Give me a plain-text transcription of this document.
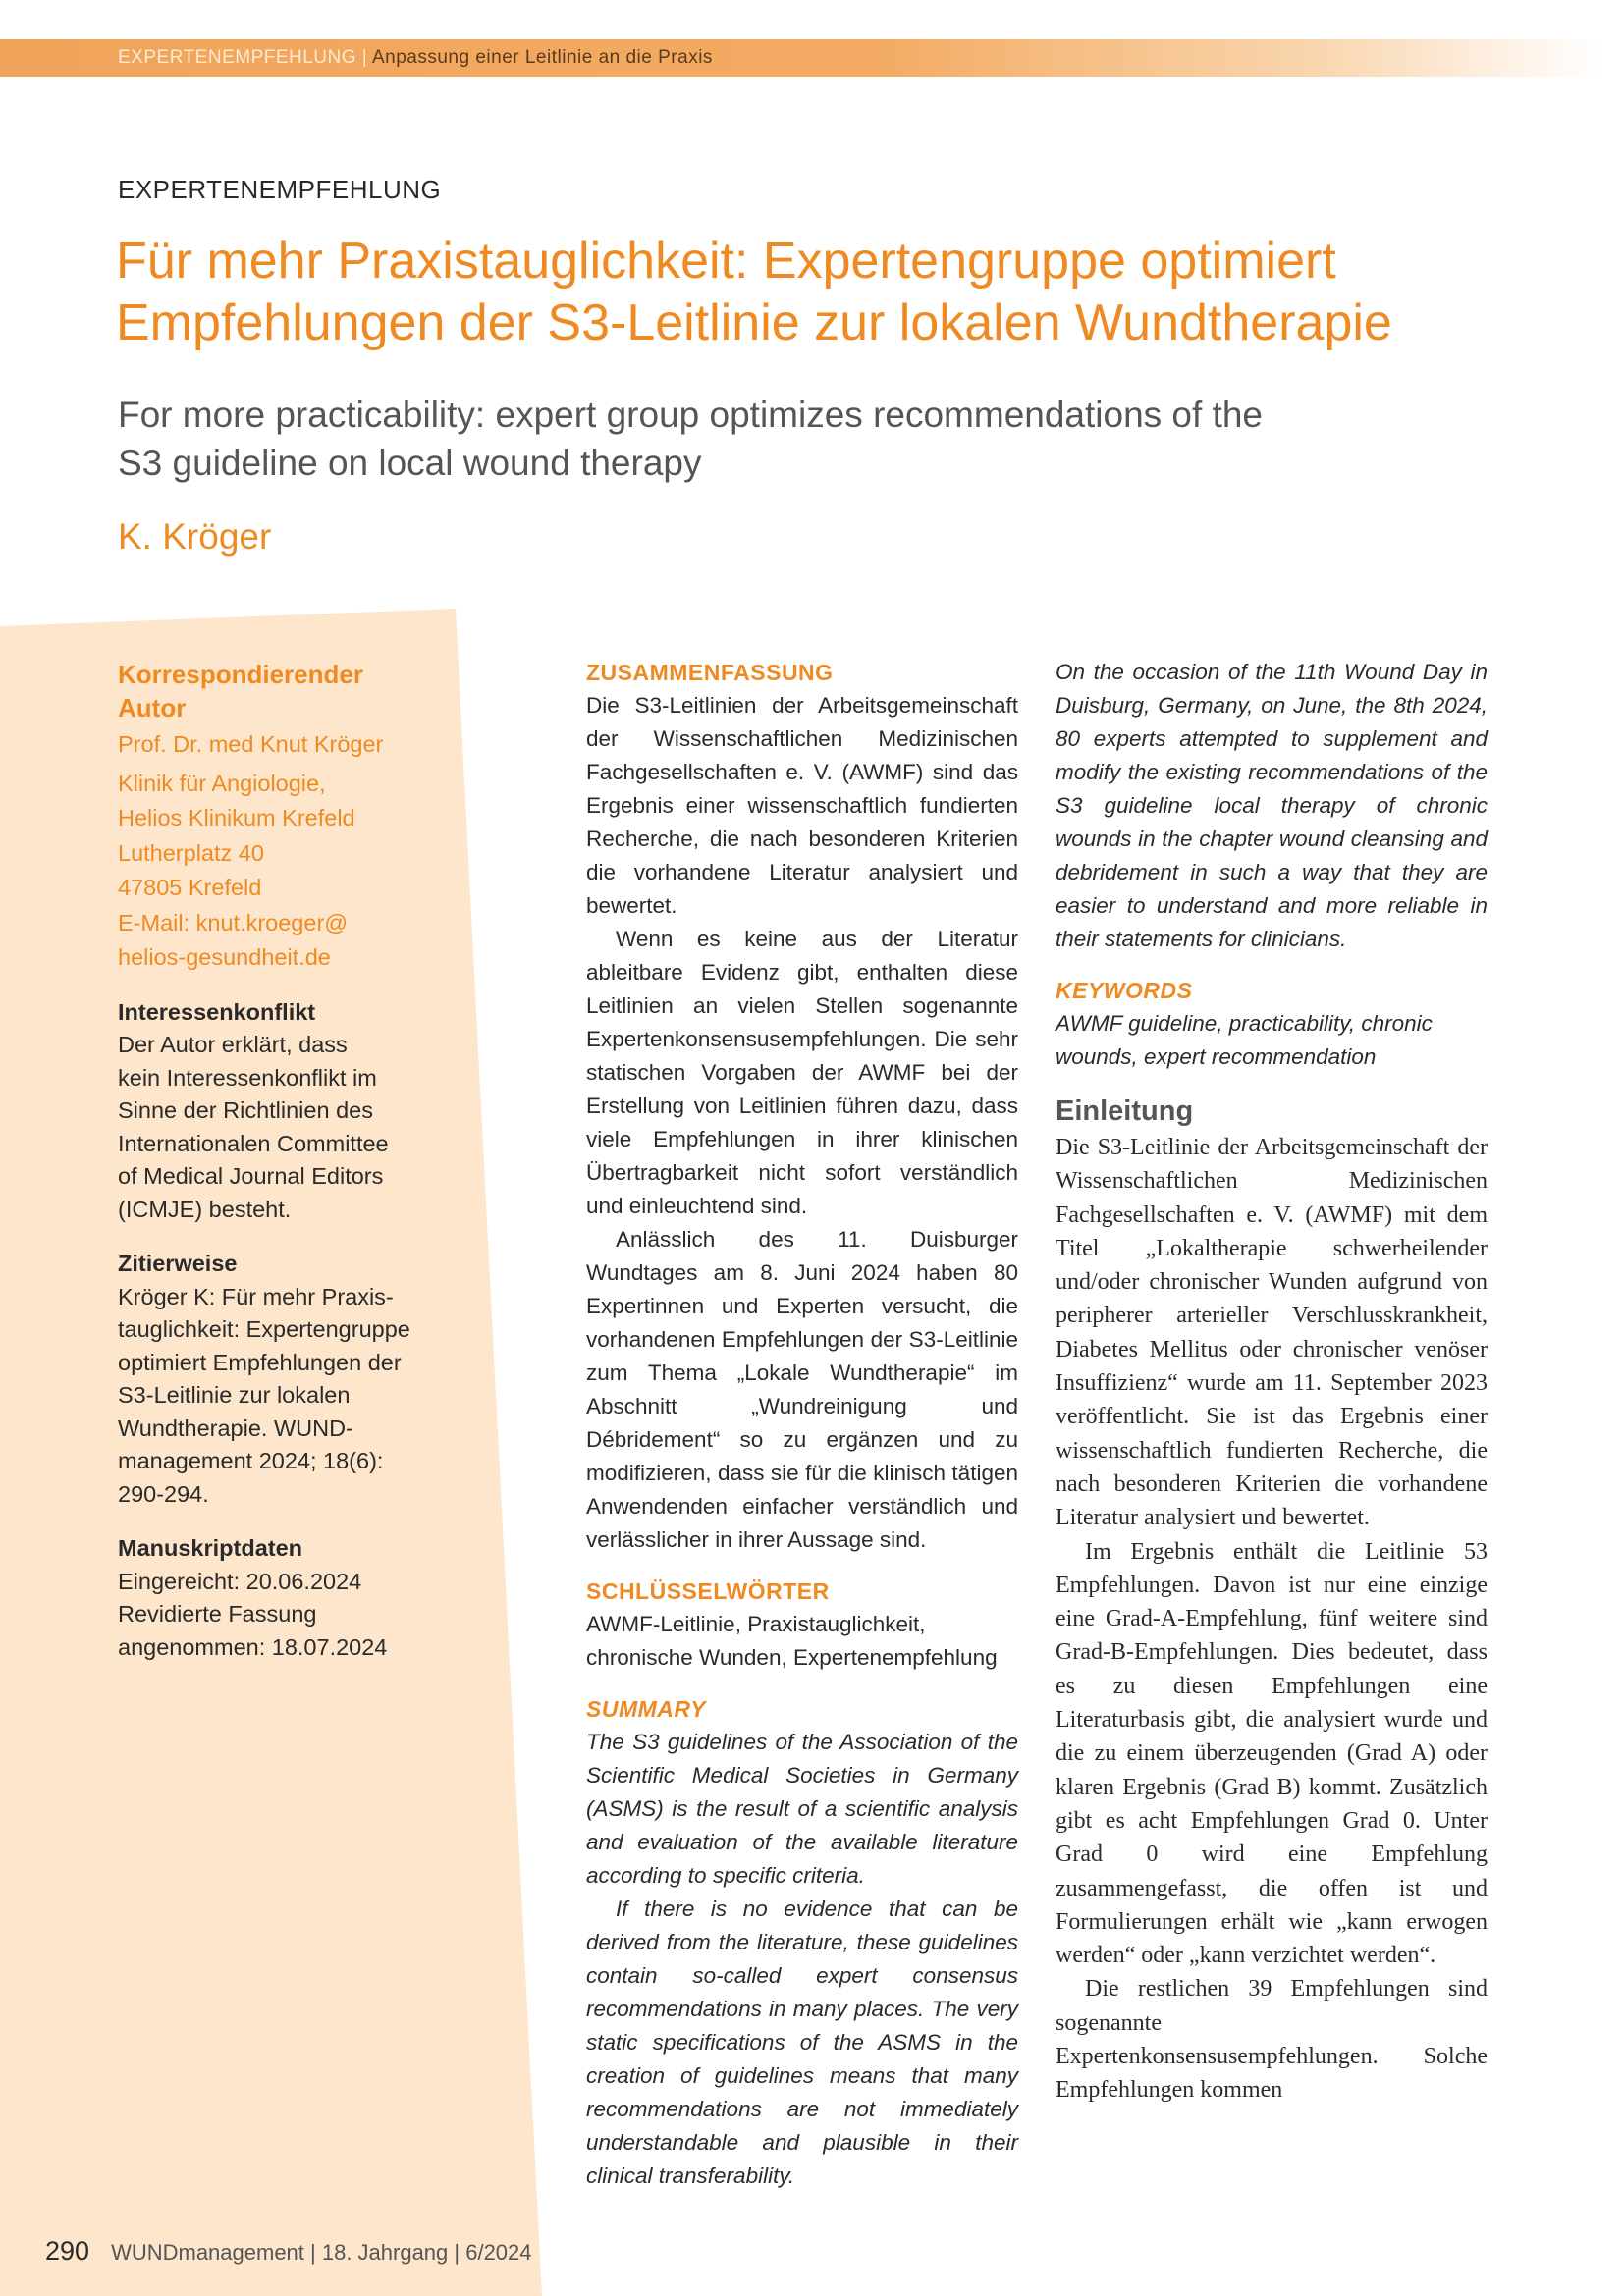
EXPERTENEMPFEHLUNG | Anpassung einer Leitlinie an die Praxis
EXPERTENEMPFEHLUNG
Für mehr Praxistauglichkeit: Expertengruppe optimiert
Empfehlungen der S3-Leitlinie zur lokalen Wundtherapie
For more practicability: expert group optimizes recommendations of the
S3 guideline on local wound therapy
K. Kröger
Korrespondierender
Autor

Prof. Dr. med Knut Kröger

Klinik für Angiologie,

Helios Klinikum Krefeld

Lutherplatz 40

47805 Krefeld

E-Mail: knut.kroeger@

helios-gesundheit.de

Interessenkonflikt

Der Autor erklärt, dass

kein Interessenkonflikt im

Sinne der Richtlinien des

Internationalen Committee

of Medical Journal Editors

(ICMJE) besteht.

Zitierweise

Kröger K: Für mehr Praxis-

tauglichkeit: Expertengruppe

optimiert Empfehlungen der

S3-Leitlinie zur lokalen

Wundtherapie. WUND-

management 2024; 18(6):

290-294.

Manuskriptdaten

Eingereicht: 20.06.2024

Revidierte Fassung

angenommen: 18.07.2024

ZUSAMMENFASSUNG

Die S3-Leitlinien der Arbeitsgemeinschaft der Wissenschaftlichen Medizinischen Fachgesellschaften e. V. (AWMF) sind das Ergebnis einer wissenschaftlich fundierten Recherche, die nach besonderen Kriterien die vorhandene Literatur analysiert und bewertet.

Wenn es keine aus der Literatur ableitbare Evidenz gibt, enthalten diese Leitlinien an vielen Stellen sogenannte Expertenkonsensusempfehlungen. Die sehr statischen Vorgaben der AWMF bei der Erstellung von Leitlinien führen dazu, dass viele Empfehlungen in ihrer klinischen Übertragbarkeit nicht sofort verständlich und einleuchtend sind.

Anlässlich des 11. Duisburger Wundtages am 8. Juni 2024 haben 80 Expertinnen und Experten versucht, die vorhandenen Empfehlungen der S3-Leitlinie zum Thema „Lokale Wundtherapie“ im Abschnitt „Wundreinigung und Débridement“ so zu ergänzen und zu modifizieren, dass sie für die klinisch tätigen Anwendenden einfacher verständlich und verlässlicher in ihrer Aussage sind.

SCHLÜSSELWÖRTER

AWMF-Leitlinie, Praxistauglichkeit, chronische Wunden, Expertenempfehlung

SUMMARY

The S3 guidelines of the Association of the Scientific Medical Societies in Germany (ASMS) is the result of a scientific analysis and evaluation of the available literature according to specific criteria.

If there is no evidence that can be derived from the literature, these guidelines contain so-called expert consensus recommendations in many places. The very static specifications of the ASMS in the creation of guidelines means that many recommendations are not immediately understandable and plausible in their clinical transferability.

On the occasion of the 11th Wound Day in Duisburg, Germany, on June, the 8th 2024, 80 experts attempted to supplement and modify the existing recommendations of the S3 guideline local therapy of chronic wounds in the chapter wound cleansing and debridement in such a way that they are easier to understand and more reliable in their statements for clinicians.

KEYWORDS

AWMF guideline, practicability, chronic wounds, expert recommendation

Einleitung

Die S3-Leitlinie der Arbeitsgemeinschaft der Wissenschaftlichen Medizinischen Fachgesellschaften e. V. (AWMF) mit dem Titel „Lokaltherapie schwerheilender und/oder chronischer Wunden aufgrund von peripherer arterieller Verschlusskrankheit, Diabetes Mellitus oder chronischer venöser Insuffizienz“ wurde am 11. September 2023 veröffentlicht. Sie ist das Ergebnis einer wissenschaftlich fundierten Recherche, die nach besonderen Kriterien die vorhandene Literatur analysiert und bewertet.

Im Ergebnis enthält die Leitlinie 53 Empfehlungen. Davon ist nur eine einzige eine Grad-A-Empfehlung, fünf weitere sind Grad-B-Empfehlungen. Dies bedeutet, dass es zu diesen Empfehlungen eine Literaturbasis gibt, die analysiert wurde und die zu einem überzeugenden (Grad A) oder klaren Ergebnis (Grad B) kommt. Zusätzlich gibt es acht Empfehlungen Grad 0. Unter Grad 0 wird eine Empfehlung zusammengefasst, die offen ist und Formulierungen erhält wie „kann erwogen werden“ oder „kann verzichtet werden“.

Die restlichen 39 Empfehlungen sind sogenannte Expertenkonsensusempfehlungen. Solche Empfehlungen kommen

290 WUNDmanagement | 18. Jahrgang | 6/2024
